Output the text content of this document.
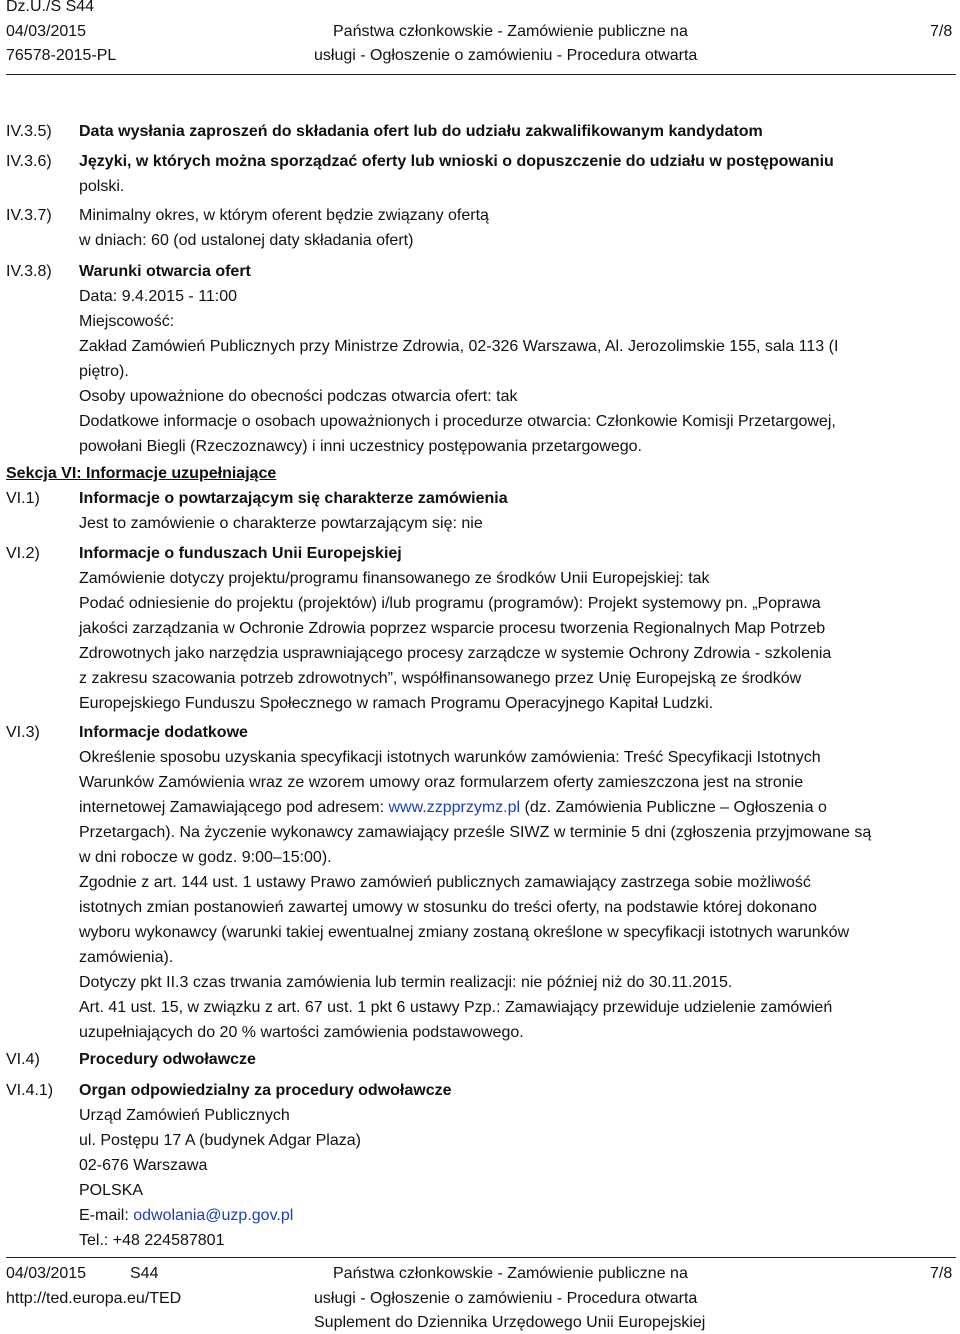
Dz.U./S S44
04/03/2015
76578-2015-PL
Państwa członkowskie - Zamówienie publiczne na
usługi - Ogłoszenie o zamówieniu - Procedura otwarta
7/8
IV.3.5) Data wysłania zaproszeń do składania ofert lub do udziału zakwalifikowanym kandydatom
IV.3.6) Języki, w których można sporządzać oferty lub wnioski o dopuszczenie do udziału w postępowaniu
polski.
IV.3.7) Minimalny okres, w którym oferent będzie związany ofertą
w dniach: 60 (od ustalonej daty składania ofert)
IV.3.8) Warunki otwarcia ofert
Data: 9.4.2015 - 11:00
Miejscowość:
Zakład Zamówień Publicznych przy Ministrze Zdrowia, 02-326 Warszawa, Al. Jerozolimskie 155, sala 113 (I
piętro).
Osoby upoważnione do obecności podczas otwarcia ofert: tak
Dodatkowe informacje o osobach upoważnionych i procedurze otwarcia: Członkowie Komisji Przetargowej,
powołani Biegli (Rzeczoznawcy) i inni uczestnicy postępowania przetargowego.
Sekcja VI: Informacje uzupełniające
VI.1) Informacje o powtarzającym się charakterze zamówienia
Jest to zamówienie o charakterze powtarzającym się: nie
VI.2) Informacje o funduszach Unii Europejskiej
Zamówienie dotyczy projektu/programu finansowanego ze środków Unii Europejskiej: tak
Podać odniesienie do projektu (projektów) i/lub programu (programów): Projekt systemowy pn. „Poprawa
jakości zarządzania w Ochronie Zdrowia poprzez wsparcie procesu tworzenia Regionalnych Map Potrzeb
Zdrowotnych jako narzędzia usprawniającego procesy zarządcze w systemie Ochrony Zdrowia - szkolenia
z zakresu szacowania potrzeb zdrowotnych”, współfinansowanego przez Unię Europejską ze środków
Europejskiego Funduszu Społecznego w ramach Programu Operacyjnego Kapitał Ludzki.
VI.3) Informacje dodatkowe
Określenie sposobu uzyskania specyfikacji istotnych warunków zamówienia: Treść Specyfikacji Istotnych
Warunków Zamówienia wraz ze wzorem umowy oraz formularzem oferty zamieszczona jest na stronie
internetowej Zamawiającego pod adresem: www.zzpprzymz.pl (dz. Zamówienia Publiczne – Ogłoszenia o
Przetargach). Na życzenie wykonawcy zamawiający prześle SIWZ w terminie 5 dni (zgłoszenia przyjmowane są
w dni robocze w godz. 9:00–15:00).
Zgodnie z art. 144 ust. 1 ustawy Prawo zamówień publicznych zamawiający zastrzega sobie możliwość
istotnych zmian postanowień zawartej umowy w stosunku do treści oferty, na podstawie której dokonano
wyboru wykonawcy (warunki takiej ewentualnej zmiany zostaną określone w specyfikacji istotnych warunków
zamówienia).
Dotyczy pkt II.3 czas trwania zamówienia lub termin realizacji: nie później niż do 30.11.2015.
Art. 41 ust. 15, w związku z art. 67 ust. 1 pkt 6 ustawy Pzp.: Zamawiający przewiduje udzielenie zamówień
uzupełniających do 20 % wartości zamówienia podstawowego.
VI.4) Procedury odwoławcze
VI.4.1) Organ odpowiedzialny za procedury odwoławcze
Urząd Zamówień Publicznych
ul. Postępu 17 A (budynek Adgar Plaza)
02-676 Warszawa
POLSKA
E-mail: odwolania@uzp.gov.pl
Tel.: +48 224587801
04/03/2015	S44
http://ted.europa.eu/TED
Państwa członkowskie - Zamówienie publiczne na
usługi - Ogłoszenie o zamówieniu - Procedura otwarta
Suplement do Dziennika Urzędowego Unii Europejskiej
7/8
